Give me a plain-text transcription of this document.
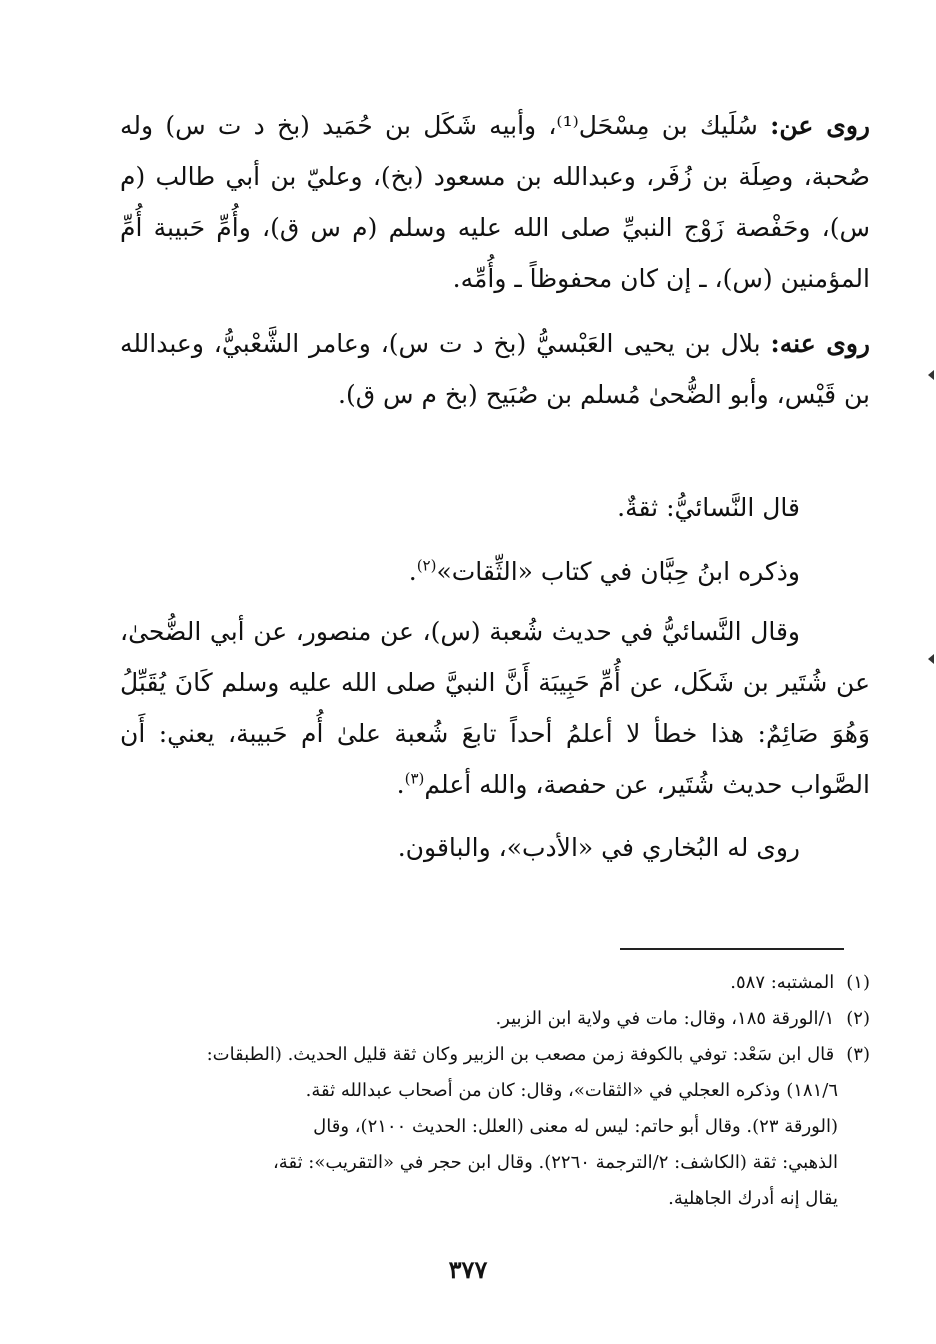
روى عن: سُلَيك بن مِسْحَل⁽¹⁾، وأبيه شَكَل بن حُمَيد (بخ د ت س) وله صُحبة، وصِلَة بن زُفَر، وعبدالله بن مسعود (بخ)، وعليّ بن أبي طالب (م س)، وحَفْصة زَوْج النبيِّ صلى الله عليه وسلم (م س ق)، وأُمِّ حَبيبة أُمِّ المؤمنين (س)، ـ إن كان محفوظاً ـ وأُمِّه.

روى عنه: بلال بن يحيى العَبْسيُّ (بخ د ت س)، وعامر الشَّعْبيُّ، وعبدالله بن قَيْس، وأبو الضُّحىٰ مُسلم بن صُبَيح (بخ م س ق).

قال النَّسائيُّ: ثقةٌ.

وذكره ابنُ حِبَّان في كتاب «الثِّقات»$^{(٢)}$.

وقال النَّسائيُّ في حديث شُعبة (س)، عن منصور، عن أبي الضُّحىٰ، عن شُتَير بن شَكَل، عن أُمِّ حَبِيبَة أَنَّ النبيَّ صلى الله عليه وسلم كَانَ يُقَبِّلُ وَهُوَ صَائِمٌ: هذا خطأ لا أعلمُ أحداً تابعَ شُعبة علىٰ أُم حَبيبة، يعني: أَن الصَّواب حديث شُتَير، عن حفصة، والله أعلم$^{(٣)}$.

روى له البُخاري في «الأدب»، والباقون.

(١) المشتبه: ٥٨٧.

(٢) ١/الورقة ١٨٥، وقال: مات في ولاية ابن الزبير.

(٣) قال ابن سَعْد: توفي بالكوفة زمن مصعب بن الزبير وكان ثقة قليل الحديث. (الطبقات:

١٨١/٦) وذكره العجلي في «الثقات»، وقال: كان من أصحاب عبدالله ثقة.

(الورقة ٢٣). وقال أبو حاتم: ليس له معنى (العلل: الحديث ٢١٠٠)، وقال

الذهبي: ثقة (الكاشف: ٢/الترجمة ٢٢٦٠). وقال ابن حجر في «التقريب»: ثقة،

يقال إنه أدرك الجاهلية.

٣٧٧
